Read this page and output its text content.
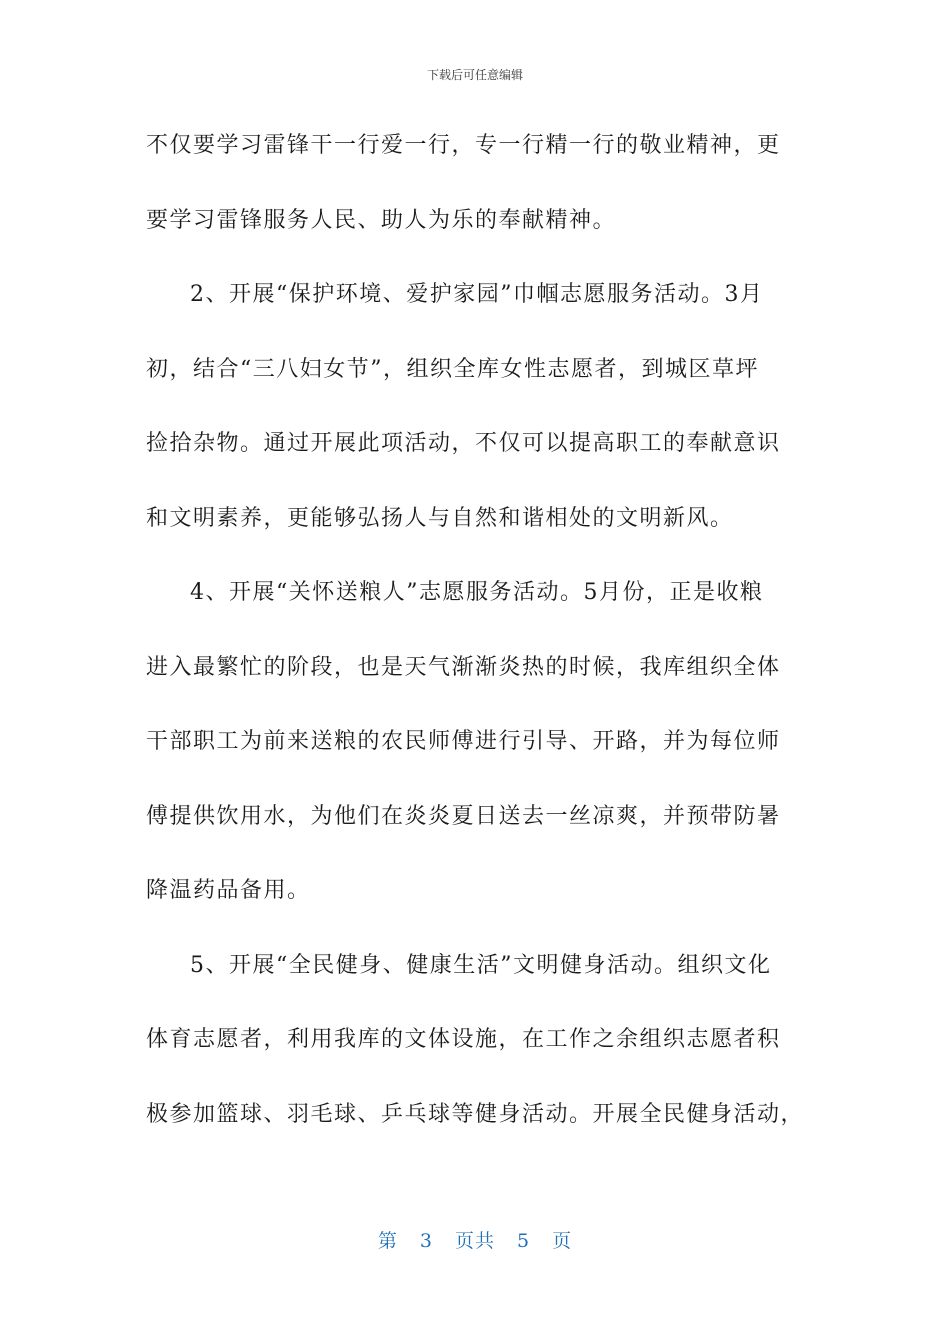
下载后可任意编辑
不仅要学习雷锋干一行爱一行，专一行精一行的敬业精神，更
要学习雷锋服务人民、助人为乐的奉献精神。
2、开展“保护环境、爱护家园”巾帼志愿服务活动。3月
初，结合“三八妇女节”，组织全库女性志愿者，到城区草坪
捡拾杂物。通过开展此项活动，不仅可以提高职工的奉献意识
和文明素养，更能够弘扬人与自然和谐相处的文明新风。
4、开展“关怀送粮人”志愿服务活动。5月份，正是收粮
进入最繁忙的阶段，也是天气渐渐炎热的时候，我库组织全体
干部职工为前来送粮的农民师傅进行引导、开路，并为每位师
傅提供饮用水，为他们在炎炎夏日送去一丝凉爽，并预带防暑
降温药品备用。
5、开展“全民健身、健康生活”文明健身活动。组织文化
体育志愿者，利用我库的文体设施，在工作之余组织志愿者积
极参加篮球、羽毛球、乒乓球等健身活动。开展全民健身活动，
第 3 页共 5 页
